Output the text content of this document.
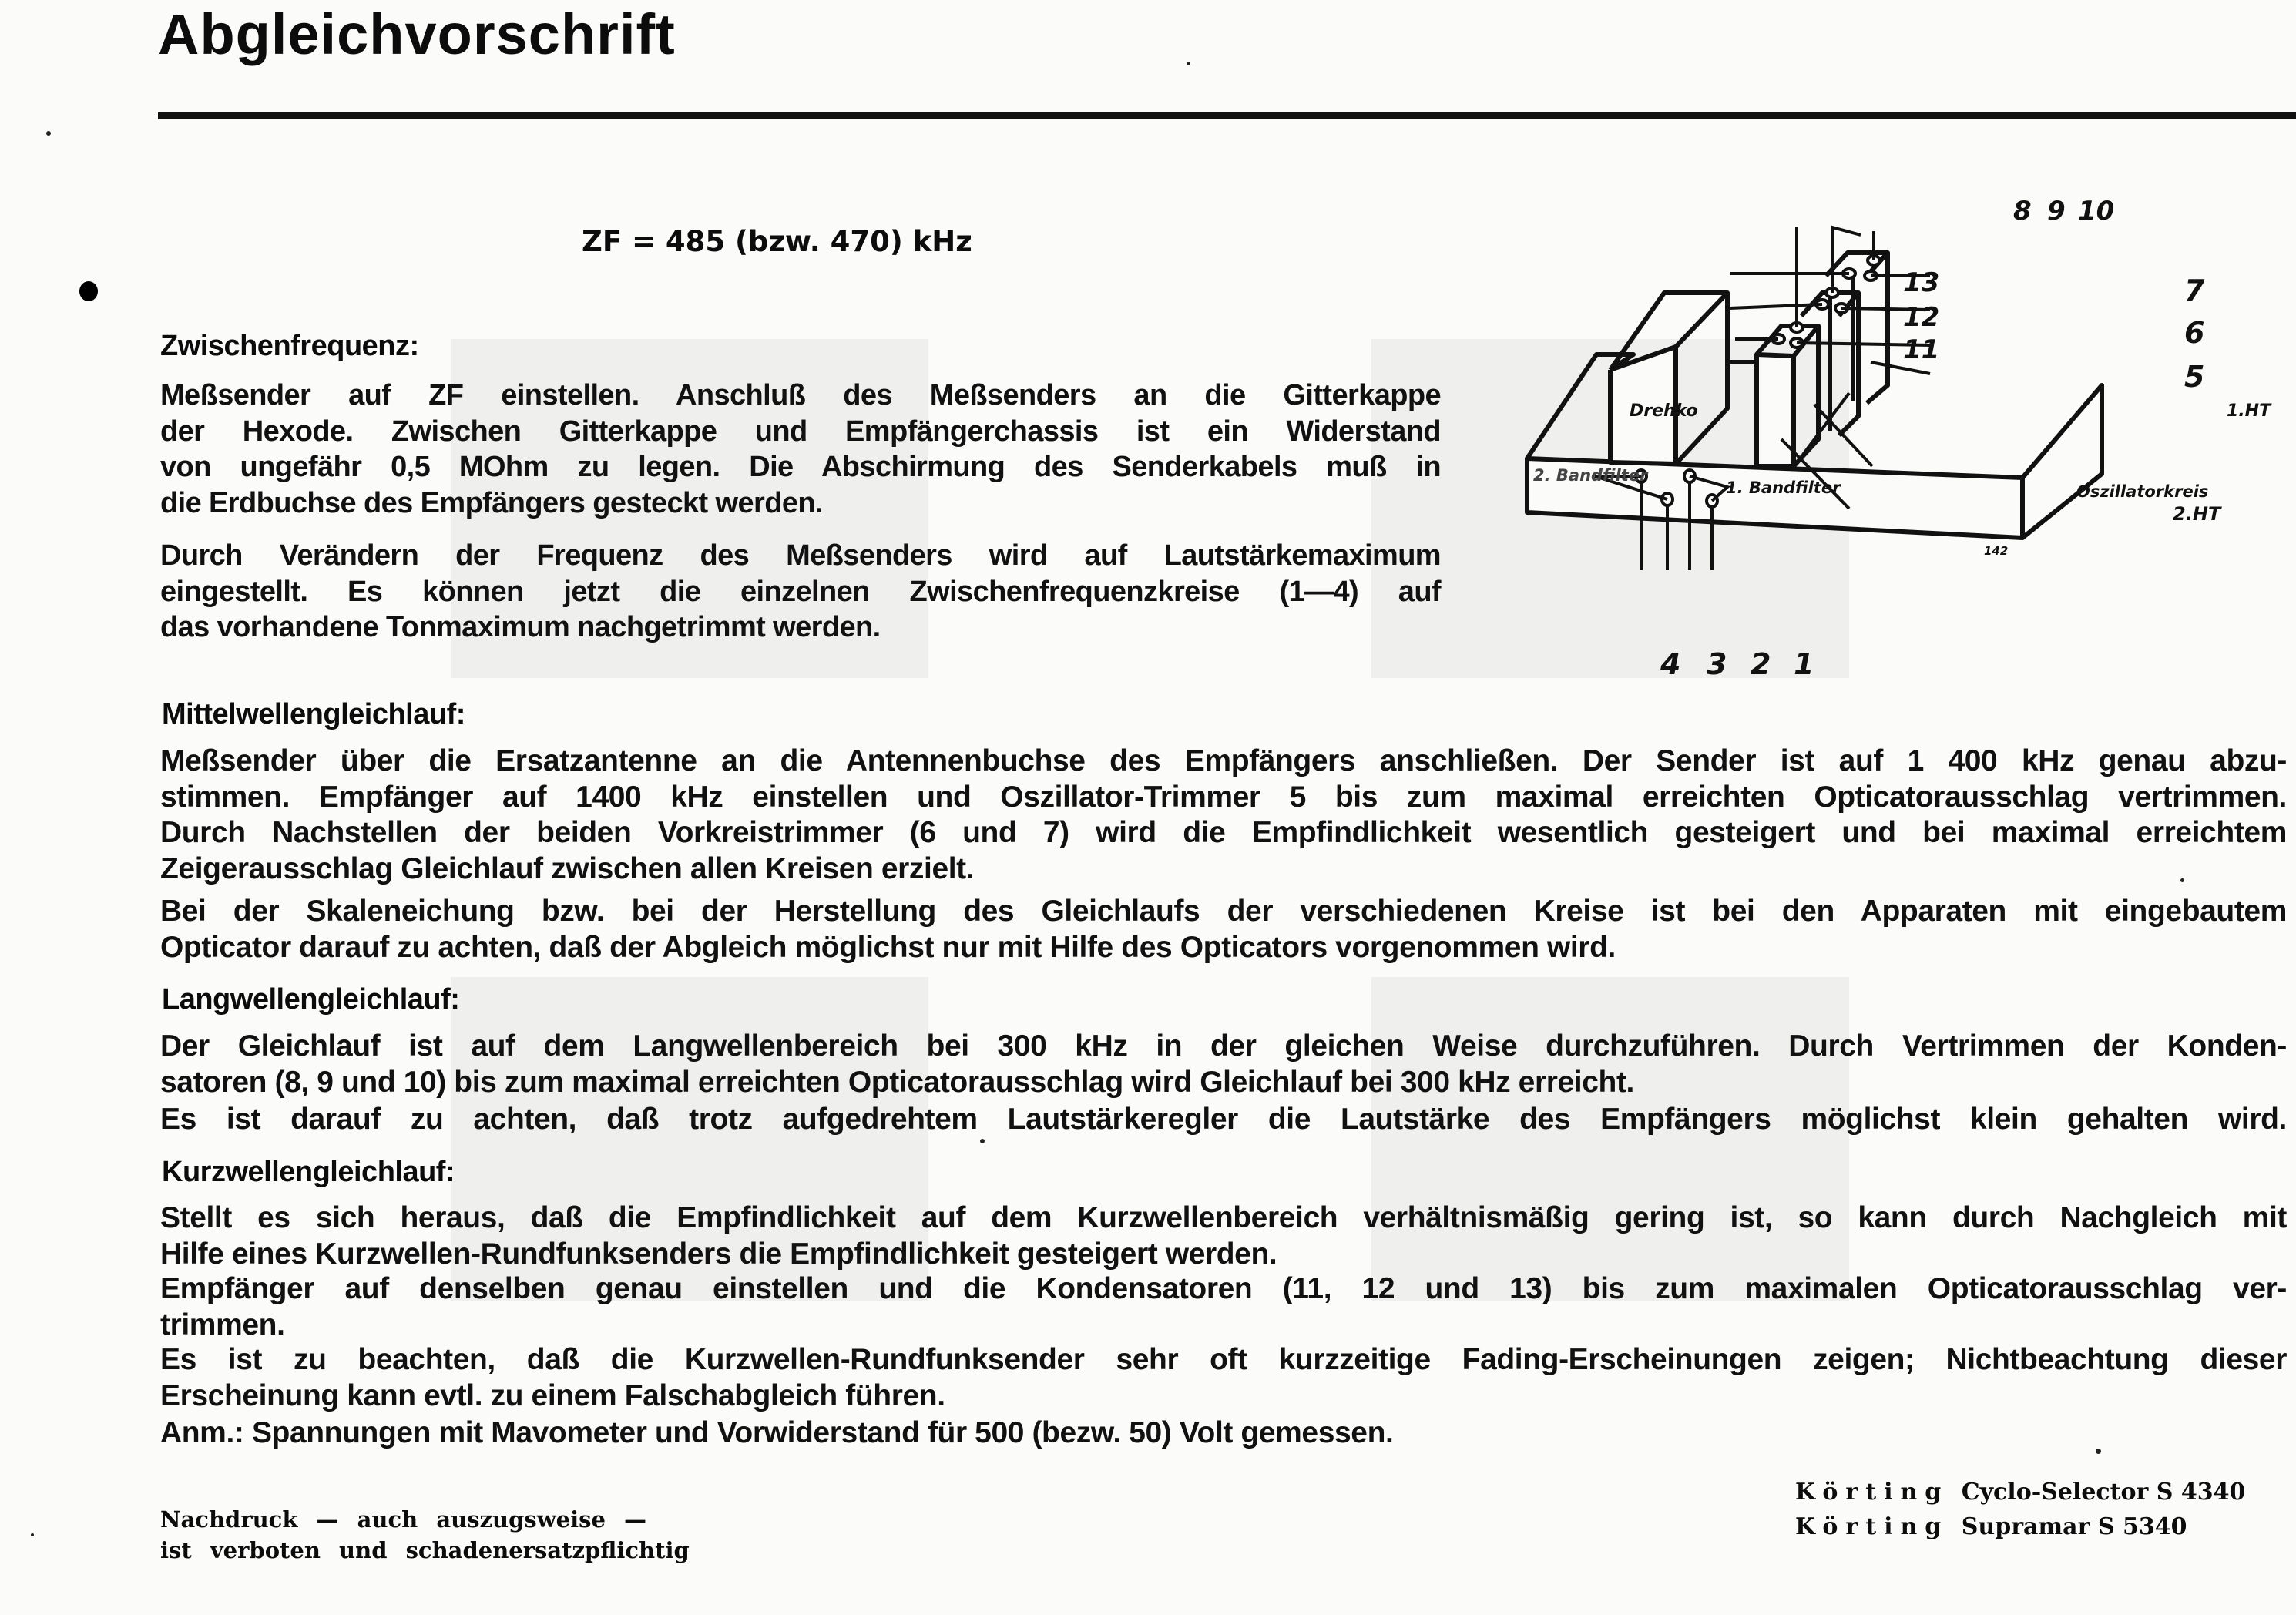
Abgleichvorschrift
ZF = 485 (bzw. 470) kHz
Zwischenfrequenz:
Meßsender auf ZF einstellen. Anschluß des Meßsenders an die Gitterkappe
der Hexode. Zwischen Gitterkappe und Empfängerchassis ist ein Widerstand
von ungefähr 0,5 MOhm zu legen. Die Abschirmung des Senderkabels muß in
die Erdbuchse des Empfängers gesteckt werden.
Durch Verändern der Frequenz des Meßsenders wird auf Lautstärkemaximum
eingestellt. Es können jetzt die einzelnen Zwischenfrequenzkreise (1—4) auf
das vorhandene Tonmaximum nachgetrimmt werden.
Drehko
2. Bandfilter
1. Bandfilter	Oszillatorkreis
1.HT
2.HT
142
8 9 10
13
12
11
7
6
5
4 3 2 1
Mittelwellengleichlauf:
Meßsender über die Ersatzantenne an die Antennenbuchse des Empfängers anschließen. Der Sender ist auf 1 400 kHz genau abzu-
stimmen. Empfänger auf 1400 kHz einstellen und Oszillator-Trimmer 5 bis zum maximal erreichten Opticatorausschlag vertrimmen.
Durch Nachstellen der beiden Vorkreistrimmer (6 und 7) wird die Empfindlichkeit wesentlich gesteigert und bei maximal erreichtem
Zeigerausschlag Gleichlauf zwischen allen Kreisen erzielt.
Bei der Skaleneichung bzw. bei der Herstellung des Gleichlaufs der verschiedenen Kreise ist bei den Apparaten mit eingebautem
Opticator darauf zu achten, daß der Abgleich möglichst nur mit Hilfe des Opticators vorgenommen wird.
Langwellengleichlauf:
Der Gleichlauf ist auf dem Langwellenbereich bei 300 kHz in der gleichen Weise durchzuführen. Durch Vertrimmen der Konden-
satoren (8, 9 und 10) bis zum maximal erreichten Opticatorausschlag wird Gleichlauf bei 300 kHz erreicht.
Es ist darauf zu achten, daß trotz aufgedrehtem Lautstärkeregler die Lautstärke des Empfängers möglichst klein gehalten wird.
Kurzwellengleichlauf:
Stellt es sich heraus, daß die Empfindlichkeit auf dem Kurzwellenbereich verhältnismäßig gering ist, so kann durch Nachgleich mit
Hilfe eines Kurzwellen-Rundfunksenders die Empfindlichkeit gesteigert werden.
Empfänger auf denselben genau einstellen und die Kondensatoren (11, 12 und 13) bis zum maximalen Opticatorausschlag ver-
trimmen.
Es ist zu beachten, daß die Kurzwellen-Rundfunksender sehr oft kurzzeitige Fading-Erscheinungen zeigen; Nichtbeachtung dieser
Erscheinung kann evtl. zu einem Falschabgleich führen.
Anm.: Spannungen mit Mavometer und Vorwiderstand für 500 (bezw. 50) Volt gemessen.
Nachdruck — auch auszugsweise —
ist verboten und schadenersatzpflichtig
Körting Cyclo-Selector S 4340
Körting Supramar S 5340
